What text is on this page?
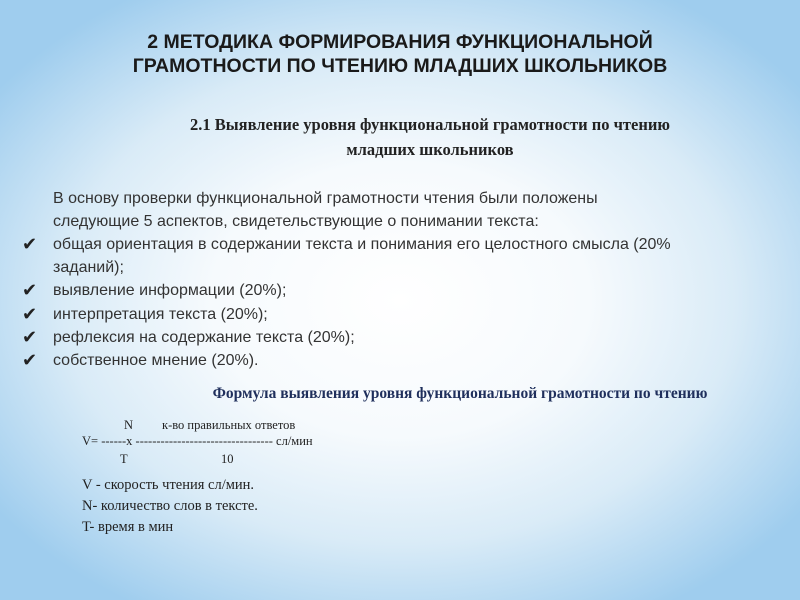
2 МЕТОДИКА ФОРМИРОВАНИЯ ФУНКЦИОНАЛЬНОЙ
ГРАМОТНОСТИ ПО ЧТЕНИЮ МЛАДШИХ ШКОЛЬНИКОВ
2.1 Выявление уровня функциональной грамотности по чтению
младших школьников
В основу проверки функциональной грамотности чтения были положены
следующие 5 аспектов, свидетельствующие о понимании текста:
✔ общая ориентация в содержании текста и понимания его целостного смысла (20%
заданий);
✔ выявление информации (20%);
✔ интерпретация текста (20%);
✔ рефлексия на содержание текста (20%);
✔ собственное мнение (20%).
Формула выявления уровня функциональной грамотности по чтению
N к-во правильных ответов
V= ------х --------------------------------- сл/мин
T	10
V - скорость чтения сл/мин.
N- количество слов в тексте.
T- время в мин
